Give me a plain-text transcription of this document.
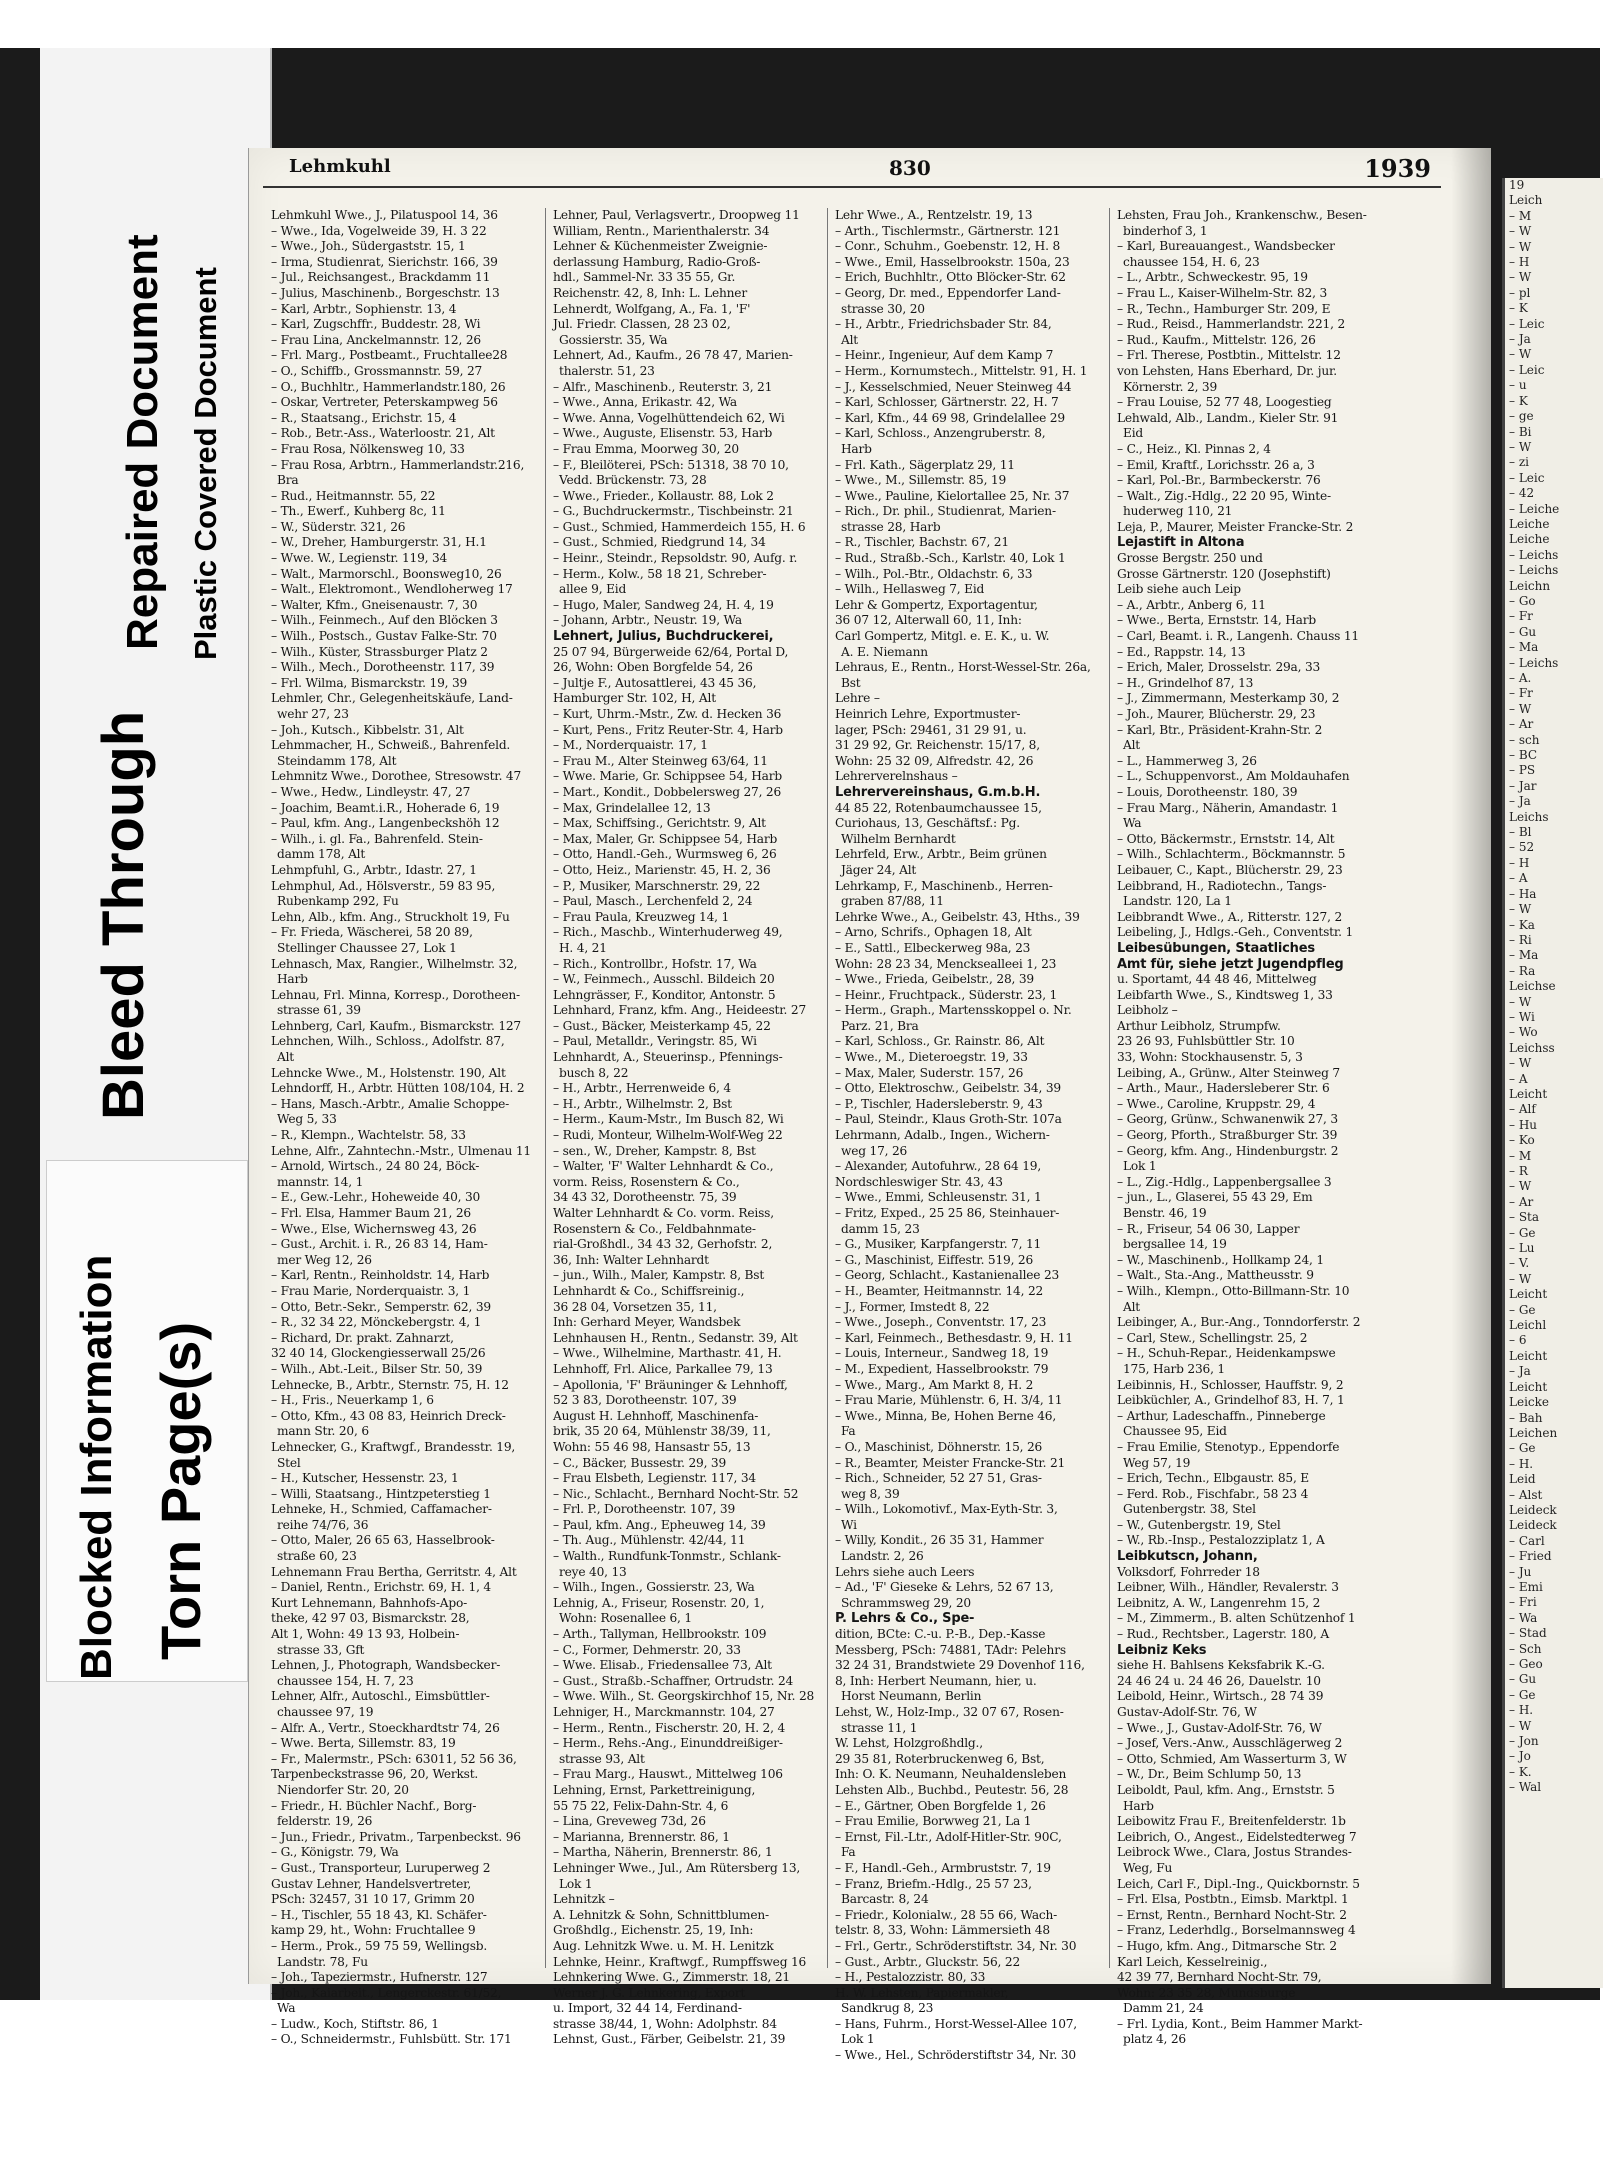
Plastic Covered Document
Repaired Document
Bleed Through
Blocked Information Torn Page(s)
Lehmkuhl	830	1939
Lehmkuhl Wwe., J., Pilatuspool 14, 36
– Wwe., Ida, Vogelweide 39, H. 3 22
– Wwe., Joh., Südergaststr. 15, 1
– Irma, Studienrat, Sierichstr. 166, 39
– Jul., Reichsangest., Brackdamm 11
– Julius, Maschinenb., Borgeschstr. 13
– Karl, Arbtr., Sophienstr. 13, 4
– Karl, Zugschffr., Buddestr. 28, Wi
– Frau Lina, Anckelmannstr. 12, 26
– Frl. Marg., Postbeamt., Fruchtallee28
– O., Schiffb., Grossmannstr. 59, 27
– O., Buchhltr., Hammerlandstr.180, 26
– Oskar, Vertreter, Peterskampweg 56
– R., Staatsang., Erichstr. 15, 4
– Rob., Betr.-Ass., Waterloostr. 21, Alt
– Frau Rosa, Nölkensweg 10, 33
– Frau Rosa, Arbtrn., Hammerlandstr.216,
Bra
– Rud., Heitmannstr. 55, 22
– Th., Ewerf., Kuhberg 8c, 11
– W., Süderstr. 321, 26
– W., Dreher, Hamburgerstr. 31, H.1
– Wwe. W., Legienstr. 119, 34
– Walt., Marmorschl., Boonsweg10, 26
– Walt., Elektromont., Wendloherweg 17
– Walter, Kfm., Gneisenaustr. 7, 30
– Wilh., Feinmech., Auf den Blöcken 3
– Wilh., Postsch., Gustav Falke-Str. 70
– Wilh., Küster, Strassburger Platz 2
– Wilh., Mech., Dorotheenstr. 117, 39
– Frl. Wilma, Bismarckstr. 19, 39
Lehmler, Chr., Gelegenheitskäufe, Land-
wehr 27, 23
– Joh., Kutsch., Kibbelstr. 31, Alt
Lehmmacher, H., Schweiß., Bahrenfeld.
Steindamm 178, Alt
Lehmnitz Wwe., Dorothee, Stresowstr. 47
– Wwe., Hedw., Lindleystr. 47, 27
– Joachim, Beamt.i.R., Hoherade 6, 19
– Paul, kfm. Ang., Langenbeckshöh 12
– Wilh., i. gl. Fa., Bahrenfeld. Stein-
damm 178, Alt
Lehmpfuhl, G., Arbtr., Idastr. 27, 1
Lehmphul, Ad., Hölsverstr., 59 83 95,
Rubenkamp 292, Fu
Lehn, Alb., kfm. Ang., Struckholt 19, Fu
– Fr. Frieda, Wäscherei, 58 20 89,
Stellinger Chaussee 27, Lok 1
Lehnasch, Max, Rangier., Wilhelmstr. 32,
Harb
Lehnau, Frl. Minna, Korresp., Dorotheen-
strasse 61, 39
Lehnberg, Carl, Kaufm., Bismarckstr. 127
Lehnchen, Wilh., Schloss., Adolfstr. 87,
Alt
Lehncke Wwe., M., Holstenstr. 190, Alt
Lehndorff, H., Arbtr. Hütten 108/104, H. 2
– Hans, Masch.-Arbtr., Amalie Schoppe-
Weg 5, 33
– R., Klempn., Wachtelstr. 58, 33
Lehne, Alfr., Zahntechn.-Mstr., Ulmenau 11
– Arnold, Wirtsch., 24 80 24, Böck-
mannstr. 14, 1
– E., Gew.-Lehr., Hoheweide 40, 30
– Frl. Elsa, Hammer Baum 21, 26
– Wwe., Else, Wichernsweg 43, 26
– Gust., Archit. i. R., 26 83 14, Ham-
mer Weg 12, 26
– Karl, Rentn., Reinholdstr. 14, Harb
– Frau Marie, Norderquaistr. 3, 1
– Otto, Betr.-Sekr., Semperstr. 62, 39
– R., 32 34 22, Mönckebergstr. 4, 1
– Richard, Dr. prakt. Zahnarzt,
32 40 14, Glockengiesserwall 25/26
– Wilh., Abt.-Leit., Bilser Str. 50, 39
Lehnecke, B., Arbtr., Sternstr. 75, H. 12
– H., Fris., Neuerkamp 1, 6
– Otto, Kfm., 43 08 83, Heinrich Dreck-
mann Str. 20, 6
Lehnecker, G., Kraftwgf., Brandesstr. 19,
Stel
– H., Kutscher, Hessenstr. 23, 1
– Willi, Staatsang., Hintzpeterstieg 1
Lehneke, H., Schmied, Caffamacher-
reihe 74/76, 36
– Otto, Maler, 26 65 63, Hasselbrook-
straße 60, 23
Lehnemann Frau Bertha, Gerritstr. 4, Alt
– Daniel, Rentn., Erichstr. 69, H. 1, 4
Kurt Lehnemann, Bahnhofs-Apo-
theke, 42 97 03, Bismarckstr. 28,
Alt 1, Wohn: 49 13 93, Holbein-
strasse 33, Gft
Lehnen, J., Photograph, Wandsbecker-
chaussee 154, H. 7, 23
Lehner, Alfr., Autoschl., Eimsbüttler-
chaussee 97, 19
– Alfr. A., Vertr., Stoeckhardtstr 74, 26
– Wwe. Berta, Sillemstr. 83, 19
– Fr., Malermstr., PSch: 63011, 52 56 36,
Tarpenbeckstrasse 96, 20, Werkst.
Niendorfer Str. 20, 20
– Friedr., H. Büchler Nachf., Borg-
felderstr. 19, 26
– Jun., Friedr., Privatm., Tarpenbeckst. 96
– G., Königstr. 79, Wa
– Gust., Transporteur, Luruperweg 2
Gustav Lehner, Handelsvertreter,
PSch: 32457, 31 10 17, Grimm 20
– H., Tischler, 55 18 43, Kl. Schäfer-
kamp 29, ht., Wohn: Fruchtallee 9
– Herm., Prok., 59 75 59, Wellingsb.
Landstr. 78, Fu
– Joh., Tapeziermstr., Hufnerstr. 127
– Joh., Kaiarbeit., Lengerckestr. 61/52,
Wa
– Ludw., Koch, Stiftstr. 86, 1
– O., Schneidermstr., Fuhlsbütt. Str. 171
Lehner, Paul, Verlagsvertr., Droopweg 11
William, Rentn., Marienthalerstr. 34
Lehner & Küchenmeister Zweignie-
derlassung Hamburg, Radio-Groß-
hdl., Sammel-Nr. 33 35 55, Gr.
Reichenstr. 42, 8, Inh: L. Lehner
Lehnerdt, Wolfgang, A., Fa. 1, 'F'
Jul. Friedr. Classen, 28 23 02,
Gossierstr. 35, Wa
Lehnert, Ad., Kaufm., 26 78 47, Marien-
thalerstr. 51, 23
– Alfr., Maschinenb., Reuterstr. 3, 21
– Wwe., Anna, Erikastr. 42, Wa
– Wwe. Anna, Vogelhüttendeich 62, Wi
– Wwe., Auguste, Elisenstr. 53, Harb
– Frau Emma, Moorweg 30, 20
– F., Bleilöterei, PSch: 51318, 38 70 10,
Vedd. Brückenstr. 73, 28
– Wwe., Frieder., Kollaustr. 88, Lok 2
– G., Buchdruckermstr., Tischbeinstr. 21
– Gust., Schmied, Hammerdeich 155, H. 6
– Gust., Schmied, Riedgrund 14, 34
– Heinr., Steindr., Repsoldstr. 90, Aufg. r.
– Herm., Kolw., 58 18 21, Schreber-
allee 9, Eid
– Hugo, Maler, Sandweg 24, H. 4, 19
– Johann, Arbtr., Neustr. 19, Wa
Lehnert, Julius, Buchdruckerei,
25 07 94, Bürgerweide 62/64, Portal D,
26, Wohn: Oben Borgfelde 54, 26
– Jultje F., Autosattlerei, 43 45 36,
Hamburger Str. 102, H, Alt
– Kurt, Uhrm.-Mstr., Zw. d. Hecken 36
– Kurt, Pens., Fritz Reuter-Str. 4, Harb
– M., Norderquaistr. 17, 1
– Frau M., Alter Steinweg 63/64, 11
– Wwe. Marie, Gr. Schippsee 54, Harb
– Mart., Kondit., Dobbelersweg 27, 26
– Max, Grindelallee 12, 13
– Max, Schiffsing., Gerichtstr. 9, Alt
– Max, Maler, Gr. Schippsee 54, Harb
– Otto, Handl.-Geh., Wurmsweg 6, 26
– Otto, Heiz., Marienstr. 45, H. 2, 36
– P., Musiker, Marschnerstr. 29, 22
– Paul, Masch., Lerchenfeld 2, 24
– Frau Paula, Kreuzweg 14, 1
– Rich., Maschb., Winterhuderweg 49,
H. 4, 21
– Rich., Kontrollbr., Hofstr. 17, Wa
– W., Feinmech., Ausschl. Bildeich 20
Lehngrässer, F., Konditor, Antonstr. 5
Lehnhard, Franz, kfm. Ang., Heideestr. 27
– Gust., Bäcker, Meisterkamp 45, 22
– Paul, Metalldr., Veringstr. 85, Wi
Lehnhardt, A., Steuerinsp., Pfennings-
busch 8, 22
– H., Arbtr., Herrenweide 6, 4
– H., Arbtr., Wilhelmstr. 2, Bst
– Herm., Kaum-Mstr., Im Busch 82, Wi
– Rudi, Monteur, Wilhelm-Wolf-Weg 22
– sen., W., Dreher, Kampstr. 8, Bst
– Walter, 'F' Walter Lehnhardt & Co.,
vorm. Reiss, Rosenstern & Co.,
34 43 32, Dorotheenstr. 75, 39
Walter Lehnhardt & Co. vorm. Reiss,
Rosenstern & Co., Feldbahnmate-
rial-Großhdl., 34 43 32, Gerhofstr. 2,
36, Inh: Walter Lehnhardt
– jun., Wilh., Maler, Kampstr. 8, Bst
Lehnhardt & Co., Schiffsreinig.,
36 28 04, Vorsetzen 35, 11,
Inh: Gerhard Meyer, Wandsbek
Lehnhausen H., Rentn., Sedanstr. 39, Alt
– Wwe., Wilhelmine, Marthastr. 41, H.
Lehnhoff, Frl. Alice, Parkallee 79, 13
– Apollonia, 'F' Bräuninger & Lehnhoff,
52 3 83, Dorotheenstr. 107, 39
August H. Lehnhoff, Maschinenfa-
brik, 35 20 64, Mühlenstr 38/39, 11,
Wohn: 55 46 98, Hansastr 55, 13
– C., Bäcker, Bussestr. 29, 39
– Frau Elsbeth, Legienstr. 117, 34
– Nic., Schlacht., Bernhard Nocht-Str. 52
– Frl. P., Dorotheenstr. 107, 39
– Paul, kfm. Ang., Epheuweg 14, 39
– Th. Aug., Mühlenstr. 42/44, 11
– Walth., Rundfunk-Tonmstr., Schlank-
reye 40, 13
– Wilh., Ingen., Gossierstr. 23, Wa
Lehnig, A., Friseur, Rosenstr. 20, 1,
Wohn: Rosenallee 6, 1
– Arth., Tallyman, Hellbrookstr. 109
– C., Former, Dehmerstr. 20, 33
– Wwe. Elisab., Friedensallee 73, Alt
– Gust., Straßb.-Schaffner, Ortrudstr. 24
– Wwe. Wilh., St. Georgskirchhof 15, Nr. 28
Lehniger, H., Marckmannstr. 104, 27
– Herm., Rentn., Fischerstr. 20, H. 2, 4
– Herm., Rehs.-Ang., Einunddreißiger-
strasse 93, Alt
– Frau Marg., Hauswt., Mittelweg 106
Lehning, Ernst, Parkettreinigung,
55 75 22, Felix-Dahn-Str. 4, 6
– Lina, Greveweg 73d, 26
– Marianna, Brennerstr. 86, 1
– Martha, Näherin, Brennerstr. 86, 1
Lehninger Wwe., Jul., Am Rütersberg 13,
Lok 1
Lehnitzk –
A. Lehnitzk & Sohn, Schnittblumen-
Großhdlg., Eichenstr. 25, 19, Inh:
Aug. Lehnitzk Wwe. u. M. H. Lenitzk
Lehnke, Heinr., Kraftwgf., Rumpffsweg 16
Lehnkering Wwe. G., Zimmerstr. 18, 21
Werner J. G. Lehnkering, Export
u. Import, 32 44 14, Ferdinand-
strasse 38/44, 1, Wohn: Adolphstr. 84
Lehnst, Gust., Färber, Geibelstr. 21, 39
Lehr Wwe., A., Rentzelstr. 19, 13
– Arth., Tischlermstr., Gärtnerstr. 121
– Conr., Schuhm., Goebenstr. 12, H. 8
– Wwe., Emil, Hasselbrookstr. 150a, 23
– Erich, Buchhltr., Otto Blöcker-Str. 62
– Georg, Dr. med., Eppendorfer Land-
strasse 30, 20
– H., Arbtr., Friedrichsbader Str. 84,
Alt
– Heinr., Ingenieur, Auf dem Kamp 7
– Herm., Kornumstech., Mittelstr. 91, H. 1
– J., Kesselschmied, Neuer Steinweg 44
– Karl, Schlosser, Gärtnerstr. 22, H. 7
– Karl, Kfm., 44 69 98, Grindelallee 29
– Karl, Schloss., Anzengruberstr. 8,
Harb
– Frl. Kath., Sägerplatz 29, 11
– Wwe., M., Sillemstr. 85, 19
– Wwe., Pauline, Kielortallee 25, Nr. 37
– Rich., Dr. phil., Studienrat, Marien-
strasse 28, Harb
– R., Tischler, Bachstr. 67, 21
– Rud., Straßb.-Sch., Karlstr. 40, Lok 1
– Wilh., Pol.-Btr., Oldachstr. 6, 33
– Wilh., Hellasweg 7, Eid
Lehr & Gompertz, Exportagentur,
36 07 12, Alterwall 60, 11, Inh:
Carl Gompertz, Mitgl. e. E. K., u. W.
A. E. Niemann
Lehraus, E., Rentn., Horst-Wessel-Str. 26a,
Bst
Lehre –
Heinrich Lehre, Exportmuster-
lager, PSch: 29461, 31 29 91, u.
31 29 92, Gr. Reichenstr. 15/17, 8,
Wohn: 25 32 09, Alfredstr. 42, 26
Lehrerverelnshaus –
Lehrervereinshaus, G.m.b.H.
44 85 22, Rotenbaumchaussee 15,
Curiohaus, 13, Geschäftsf.: Pg.
Wilhelm Bernhardt
Lehrfeld, Erw., Arbtr., Beim grünen
Jäger 24, Alt
Lehrkamp, F., Maschinenb., Herren-
graben 87/88, 11
Lehrke Wwe., A., Geibelstr. 43, Hths., 39
– Arno, Schrifs., Ophagen 18, Alt
– E., Sattl., Elbeckerweg 98a, 23
Wohn: 28 23 34, Mencksealleei 1, 23
– Wwe., Frieda, Geibelstr., 28, 39
– Heinr., Fruchtpack., Süderstr. 23, 1
– Herm., Graph., Martensskoppel o. Nr.
Parz. 21, Bra
– Karl, Schloss., Gr. Rainstr. 86, Alt
– Wwe., M., Dieteroegstr. 19, 33
– Max, Maler, Suderstr. 157, 26
– Otto, Elektroschw., Geibelstr. 34, 39
– P., Tischler, Hadersleberstr. 9, 43
– Paul, Steindr., Klaus Groth-Str. 107a
Lehrmann, Adalb., Ingen., Wichern-
weg 17, 26
– Alexander, Autofuhrw., 28 64 19,
Nordschleswiger Str. 43, 43
– Wwe., Emmi, Schleusenstr. 31, 1
– Fritz, Exped., 25 25 86, Steinhauer-
damm 15, 23
– G., Musiker, Karpfangerstr. 7, 11
– G., Maschinist, Eiffestr. 519, 26
– Georg, Schlacht., Kastanienallee 23
– H., Beamter, Heitmannstr. 14, 22
– J., Former, Imstedt 8, 22
– Wwe., Joseph., Conventstr. 17, 23
– Karl, Feinmech., Bethesdastr. 9, H. 11
– Louis, Interneur., Sandweg 18, 19
– M., Expedient, Hasselbrookstr. 79
– Wwe., Marg., Am Markt 8, H. 2
– Frau Marie, Mühlenstr. 6, H. 3/4, 11
– Wwe., Minna, Be, Hohen Berne 46,
Fa
– O., Maschinist, Döhnerstr. 15, 26
– R., Beamter, Meister Francke-Str. 21
– Rich., Schneider, 52 27 51, Gras-
weg 8, 39
– Wilh., Lokomotivf., Max-Eyth-Str. 3,
Wi
– Willy, Kondit., 26 35 31, Hammer
Landstr. 2, 26
Lehrs siehe auch Leers
– Ad., 'F' Gieseke & Lehrs, 52 67 13,
Schrammsweg 29, 20
P. Lehrs & Co., Spe-
dition, BCte: C.-u. P.-B., Dep.-Kasse
Messberg, PSch: 74881, TAdr: Pelehrs
32 24 31, Brandstwiete 29 Dovenhof 116,
8, Inh: Herbert Neumann, hier, u.
Horst Neumann, Berlin
Lehst, W., Holz-Imp., 32 07 67, Rosen-
strasse 11, 1
W. Lehst, Holzgroßhdlg.,
29 35 81, Roterbruckenweg 6, Bst,
Inh: O. K. Neumann, Neuhaldensleben
Lehsten Alb., Buchbd., Peutestr. 56, 28
– E., Gärtner, Oben Borgfelde 1, 26
– Frau Emilie, Borwweg 21, La 1
– Ernst, Fil.-Ltr., Adolf-Hitler-Str. 90C,
Fa
– F., Handl.-Geh., Armbruststr. 7, 19
– Franz, Briefm.-Hdlg., 25 57 23,
Barcastr. 8, 24
– Friedr., Kolonialw., 28 55 66, Wach-
telstr. 8, 33, Wohn: Lämmersieth 48
– Frl., Gertr., Schröderstiftstr. 34, Nr. 30
– Gust., Arbtr., Gluckstr. 56, 22
– H., Pestalozzistr. 80, 33
H. W. Lehsten, Papiermakler,
Sandkrug 8, 23
– Hans, Fuhrm., Horst-Wessel-Allee 107,
Lok 1
– Wwe., Hel., Schröderstiftstr 34, Nr. 30
Lehsten, Frau Joh., Krankenschw., Besen-
binderhof 3, 1
– Karl, Bureauangest., Wandsbecker
chaussee 154, H. 6, 23
– L., Arbtr., Schweckestr. 95, 19
– Frau L., Kaiser-Wilhelm-Str. 82, 3
– R., Techn., Hamburger Str. 209, E
– Rud., Reisd., Hammerlandstr. 221, 2
– Rud., Kaufm., Mittelstr. 126, 26
– Frl. Therese, Postbtin., Mittelstr. 12
von Lehsten, Hans Eberhard, Dr. jur.
Körnerstr. 2, 39
– Frau Louise, 52 77 48, Loogestieg
Lehwald, Alb., Landm., Kieler Str. 91
Eid
– C., Heiz., Kl. Pinnas 2, 4
– Emil, Kraftf., Lorichsstr. 26 a, 3
– Karl, Pol.-Br., Barmbeckerstr. 76
– Walt., Zig.-Hdlg., 22 20 95, Winte-
huderweg 110, 21
Leja, P., Maurer, Meister Francke-Str. 2
Lejastift in Altona
Grosse Bergstr. 250 und
Grosse Gärtnerstr. 120 (Josephstift)
Leib siehe auch Leip
– A., Arbtr., Anberg 6, 11
– Wwe., Berta, Ernststr. 14, Harb
– Carl, Beamt. i. R., Langenh. Chauss 11
– Ed., Rappstr. 14, 13
– Erich, Maler, Drosselstr. 29a, 33
– H., Grindelhof 87, 13
– J., Zimmermann, Mesterkamp 30, 2
– Joh., Maurer, Blücherstr. 29, 23
– Karl, Btr., Präsident-Krahn-Str. 2
Alt
– L., Hammerweg 3, 26
– L., Schuppenvorst., Am Moldauhafen
– Louis, Dorotheenstr. 180, 39
– Frau Marg., Näherin, Amandastr. 1
Wa
– Otto, Bäckermstr., Ernststr. 14, Alt
– Wilh., Schlachterm., Böckmannstr. 5
Leibauer, C., Kapt., Blücherstr. 29, 23
Leibbrand, H., Radiotechn., Tangs-
Landstr. 120, La 1
Leibbrandt Wwe., A., Ritterstr. 127, 2
Leibeling, J., Hdlgs.-Geh., Conventstr. 1
Leibesübungen, Staatliches
Amt für, siehe jetzt Jugendpfleg
u. Sportamt, 44 48 46, Mittelweg
Leibfarth Wwe., S., Kindtsweg 1, 33
Leibholz –
Arthur Leibholz, Strumpfw.
23 26 93, Fuhlsbüttler Str. 10
33, Wohn: Stockhausenstr. 5, 3
Leibing, A., Grünw., Alter Steinweg 7
– Arth., Maur., Hadersleberer Str. 6
– Wwe., Caroline, Kruppstr. 29, 4
– Georg, Grünw., Schwanenwik 27, 3
– Georg, Pforth., Straßburger Str. 39
– Georg, kfm. Ang., Hindenburgstr. 2
Lok 1
– L., Zig.-Hdlg., Lappenbergsallee 3
– jun., L., Glaserei, 55 43 29, Em
Benstr. 46, 19
– R., Friseur, 54 06 30, Lapper
bergsallee 14, 19
– W., Maschinenb., Hollkamp 24, 1
– Walt., Sta.-Ang., Mattheusstr. 9
– Wilh., Klempn., Otto-Billmann-Str. 10
Alt
Leibinger, A., Bur.-Ang., Tonndorferstr. 2
– Carl, Stew., Schellingstr. 25, 2
– H., Schuh-Repar., Heidenkampswe
175, Harb 236, 1
Leibinnis, H., Schlosser, Hauffstr. 9, 2
Leibküchler, A., Grindelhof 83, H. 7, 1
– Arthur, Ladeschaffn., Pinneberge
Chaussee 95, Eid
– Frau Emilie, Stenotyp., Eppendorfe
Weg 57, 19
– Erich, Techn., Elbgaustr. 85, E
– Ferd. Rob., Fischfabr., 58 23 4
Gutenbergstr. 38, Stel
– W., Gutenbergstr. 19, Stel
– W., Rb.-Insp., Pestalozziplatz 1, A
Leibkutscn, Johann,
Volksdorf, Fohrreder 18
Leibner, Wilh., Händler, Revalerstr. 3
Leibnitz, A. W., Langenrehm 15, 2
– M., Zimmerm., B. alten Schützenhof 1
– Rud., Rechtsber., Lagerstr. 180, A
Leibniz Keks
siehe H. Bahlsens Keksfabrik K.-G.
24 46 24 u. 24 46 26, Dauelstr. 10
Leibold, Heinr., Wirtsch., 28 74 39
Gustav-Adolf-Str. 76, W
– Wwe., J., Gustav-Adolf-Str. 76, W
– Josef, Vers.-Anw., Ausschlägerweg 2
– Otto, Schmied, Am Wasserturm 3, W
– W., Dr., Beim Schlump 50, 13
Leiboldt, Paul, kfm. Ang., Ernststr. 5
Harb
Leibowitz Frau F., Breitenfelderstr. 1b
Leibrich, O., Angest., Eidelstedterweg 7
Leibrock Wwe., Clara, Jostus Strandes-
Weg, Fu
Leich, Carl F., Dipl.-Ing., Quickbornstr. 5
– Frl. Elsa, Postbtn., Eimsb. Marktpl. 1
– Ernst, Rentn., Bernhard Nocht-Str. 2
– Franz, Lederhdlg., Borselmannsweg 4
– Hugo, kfm. Ang., Ditmarsche Str. 2
Karl Leich, Kesselreinig.,
42 39 77, Bernhard Nocht-Str. 79,
Wohn: 23 35 28, Mundsburge
Damm 21, 24
– Frl. Lydia, Kont., Beim Hammer Markt-
platz 4, 26
19
Leich
– M
– W
– W
– H
– W
– pl
– K
– Leic
– Ja
– W
– Leic
– u
– K
– ge
– Bi
– W
– zi
– Leic
– 42
– Leiche
Leiche
Leiche
– Leichs
– Leichs
Leichn
– Go
– Fr
– Gu
– Ma
– Leichs
– A.
– Fr
– W
– Ar
– sch
– BC
– PS
– Jar
– Ja
Leichs
– Bl
– 52
– H
– A
– Ha
– W
– Ka
– Ri
– Ma
– Ra
Leichse
– W
– Wi
– Wo
Leichss
– W
– A
Leicht
– Alf
– Hu
– Ko
– M
– R
– W
– Ar
– Sta
– Ge
– Lu
– V.
– W
Leicht
– Ge
Leichl
– 6
Leicht
– Ja
Leicht
Leicke
– Bah
Leichen
– Ge
– H.
Leid
– Alst
Leideck
Leideck
– Carl
– Fried
– Ju
– Emi
– Fri
– Wa
– Stad
– Sch
– Geo
– Gu
– Ge
– H.
– W
– Jon
– Jo
– K.
– Wal
